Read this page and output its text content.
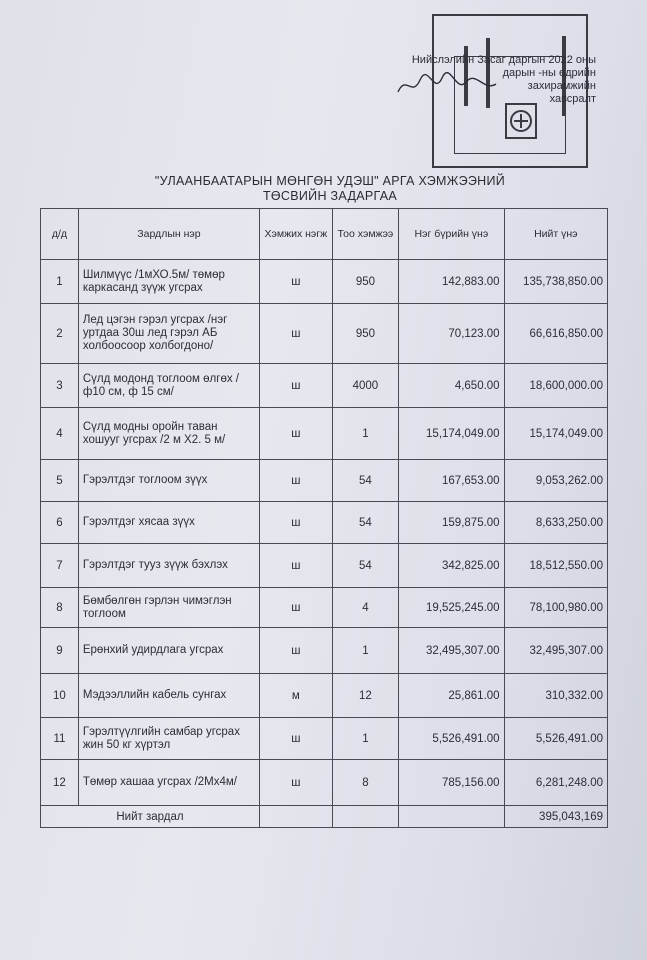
Нийслэлийн Засаг даргын 2022 оны
дарын -ны өдрийн
захирамжийн
хавсралт
"УЛААНБААТАРЫН МӨНГӨН УДЭШ" АРГА ХЭМЖЭЭНИЙ
ТӨСВИЙН ЗАДАРГАА
д/д	Зардлын нэр	Хэмжих нэгж	Тоо хэмжээ	Нэг бүрийн үнэ	Нийт үнэ
1	Шилмүүс /1мХО.5м/ төмөр каркасанд зүүж угсрах	ш	950	142,883.00	135,738,850.00
2	Лед цэгэн гэрэл угсрах /нэг уртдаа 30ш лед гэрэл АБ холбоосоор холбогдоно/	ш	950	70,123.00	66,616,850.00
3	Сүлд модонд тоглоом өлгөх /ф10 см, ф 15 см/	ш	4000	4,650.00	18,600,000.00
4	Сүлд модны оройн таван хошууг угсрах /2 м Х2. 5 м/	ш	1	15,174,049.00	15,174,049.00
5	Гэрэлтдэг тоглоом зүүх	ш	54	167,653.00	9,053,262.00
6	Гэрэлтдэг хясаа зүүх	ш	54	159,875.00	8,633,250.00
7	Гэрэлтдэг тууз зүүж бэхлэх	ш	54	342,825.00	18,512,550.00
8	Бөмбөлгөн гэрлэн чимэглэн тоглоом	ш	4	19,525,245.00	78,100,980.00
9	Ерөнхий удирдлага угсрах	ш	1	32,495,307.00	32,495,307.00
10	Мэдээллийн кабель сунгах	м	12	25,861.00	310,332.00
11	Гэрэлтүүлгийн самбар угсрах жин 50 кг хүртэл	ш	1	5,526,491.00	5,526,491.00
12	Төмөр хашаа угсрах /2Мх4м/	ш	8	785,156.00	6,281,248.00
Нийт зардал					395,043,169
